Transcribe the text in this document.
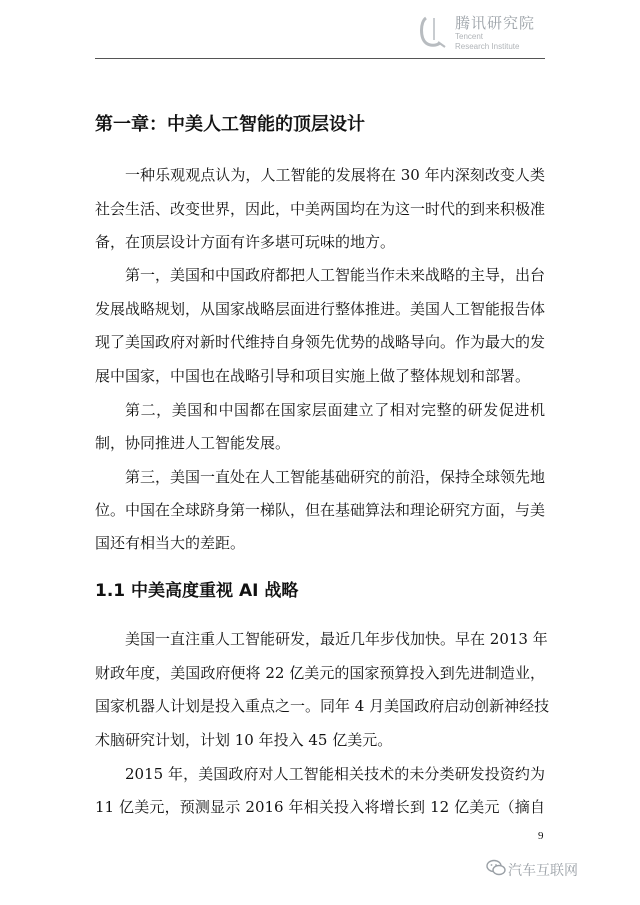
腾讯研究院
Tencent
Research Institute
第一章：中美人工智能的顶层设计
一种乐观观点认为，人工智能的发展将在 30 年内深刻改变人类
社会生活、改变世界，因此，中美两国均在为这一时代的到来积极准
备，在顶层设计方面有许多堪可玩味的地方。
第一，美国和中国政府都把人工智能当作未来战略的主导，出台
发展战略规划，从国家战略层面进行整体推进。美国人工智能报告体
现了美国政府对新时代维持自身领先优势的战略导向。作为最大的发
展中国家，中国也在战略引导和项目实施上做了整体规划和部署。
第二，美国和中国都在国家层面建立了相对完整的研发促进机
制，协同推进人工智能发展。
第三，美国一直处在人工智能基础研究的前沿，保持全球领先地
位。中国在全球跻身第一梯队，但在基础算法和理论研究方面，与美
国还有相当大的差距。
1.1 中美高度重视 AI 战略
美国一直注重人工智能研发，最近几年步伐加快。早在 2013 年
财政年度，美国政府便将 22 亿美元的国家预算投入到先进制造业，
国家机器人计划是投入重点之一。同年 4 月美国政府启动创新神经技
术脑研究计划，计划 10 年投入 45 亿美元。
2015 年，美国政府对人工智能相关技术的未分类研发投资约为
11 亿美元，预测显示 2016 年相关投入将增长到 12 亿美元（摘自
9
汽车互联网
